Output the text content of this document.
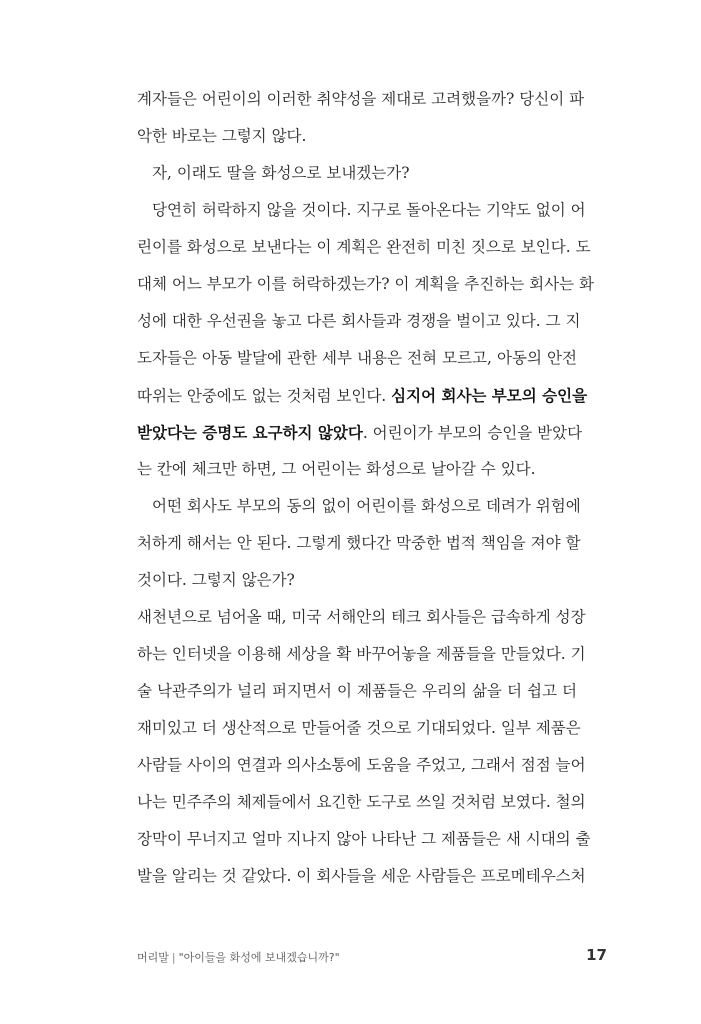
계자들은 어린이의 이러한 취약성을 제대로 고려했을까? 당신이 파
악한 바로는 그렇지 않다.
자, 이래도 딸을 화성으로 보내겠는가?
당연히 허락하지 않을 것이다. 지구로 돌아온다는 기약도 없이 어
린이를 화성으로 보낸다는 이 계획은 완전히 미친 짓으로 보인다. 도
대체 어느 부모가 이를 허락하겠는가? 이 계획을 추진하는 회사는 화
성에 대한 우선권을 놓고 다른 회사들과 경쟁을 벌이고 있다. 그 지
도자들은 아동 발달에 관한 세부 내용은 전혀 모르고, 아동의 안전
따위는 안중에도 없는 것처럼 보인다. 심지어 회사는 부모의 승인을
받았다는 증명도 요구하지 않았다. 어린이가 부모의 승인을 받았다
는 칸에 체크만 하면, 그 어린이는 화성으로 날아갈 수 있다.
어떤 회사도 부모의 동의 없이 어린이를 화성으로 데려가 위험에
처하게 해서는 안 된다. 그렇게 했다간 막중한 법적 책임을 져야 할
것이다. 그렇지 않은가?
새천년으로 넘어올 때, 미국 서해안의 테크 회사들은 급속하게 성장
하는 인터넷을 이용해 세상을 확 바꾸어놓을 제품들을 만들었다. 기
술 낙관주의가 널리 퍼지면서 이 제품들은 우리의 삶을 더 쉽고 더
재미있고 더 생산적으로 만들어줄 것으로 기대되었다. 일부 제품은
사람들 사이의 연결과 의사소통에 도움을 주었고, 그래서 점점 늘어
나는 민주주의 체제들에서 요긴한 도구로 쓰일 것처럼 보였다. 철의
장막이 무너지고 얼마 지나지 않아 나타난 그 제품들은 새 시대의 출
발을 알리는 것 같았다. 이 회사들을 세운 사람들은 프로메테우스처
머리말 | "아이들을 화성에 보내겠습니까?"	17
